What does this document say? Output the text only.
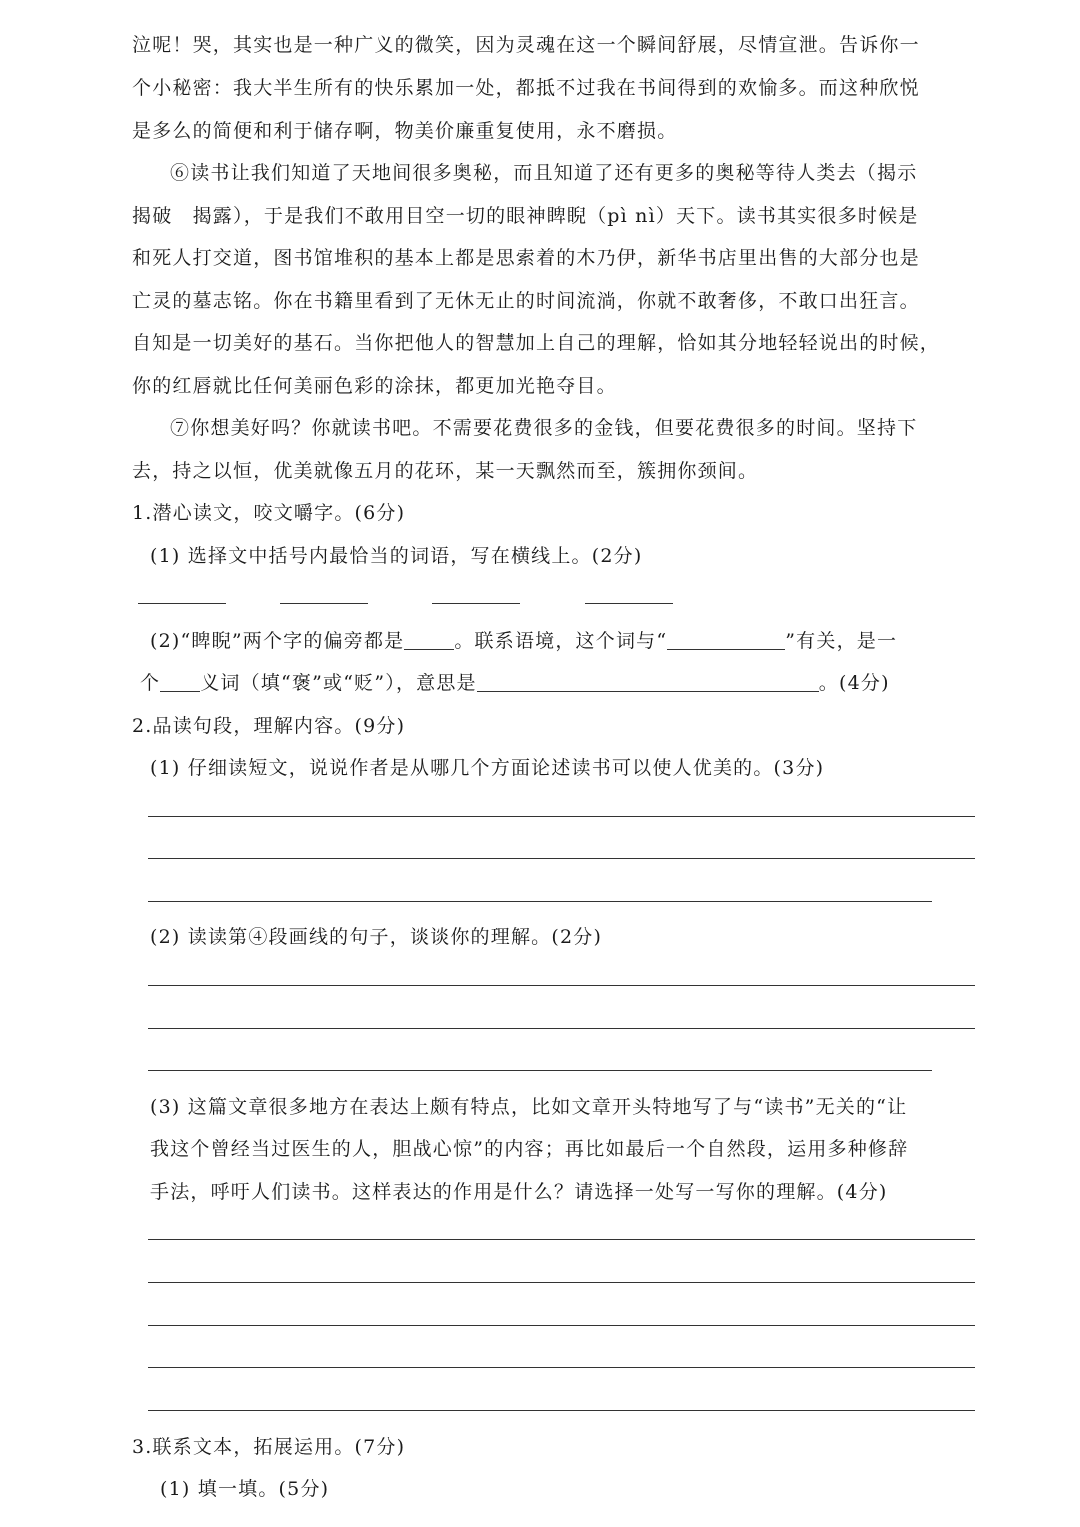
泣呢！哭，其实也是一种广义的微笑，因为灵魂在这一个瞬间舒展，尽情宣泄。告诉你一
个小秘密：我大半生所有的快乐累加一处，都抵不过我在书间得到的欢愉多。而这种欣悦
是多么的简便和利于储存啊，物美价廉重复使用，永不磨损。
⑥读书让我们知道了天地间很多奥秘，而且知道了还有更多的奥秘等待人类去（揭示
揭破　揭露），于是我们不敢用目空一切的眼神睥睨（pì nì）天下。读书其实很多时候是
和死人打交道，图书馆堆积的基本上都是思索着的木乃伊，新华书店里出售的大部分也是
亡灵的墓志铭。你在书籍里看到了无休无止的时间流淌，你就不敢奢侈，不敢口出狂言。
自知是一切美好的基石。当你把他人的智慧加上自己的理解，恰如其分地轻轻说出的时候，
你的红唇就比任何美丽色彩的涂抹，都更加光艳夺目。
⑦你想美好吗？你就读书吧。不需要花费很多的金钱，但要花费很多的时间。坚持下
去，持之以恒，优美就像五月的花环，某一天飘然而至，簇拥你颈间。
1.潜心读文，咬文嚼字。(6分)
(1) 选择文中括号内最恰当的词语，写在横线上。(2分)
(2)“睥睨”两个字的偏旁都是	。联系语境，这个词与“	”有关，是一
个 义词（填“褒”或“贬”），意思是	。(4分)
2.品读句段，理解内容。(9分)
(1) 仔细读短文，说说作者是从哪几个方面论述读书可以使人优美的。(3分)
(2) 读读第④段画线的句子，谈谈你的理解。(2分)
(3) 这篇文章很多地方在表达上颇有特点，比如文章开头特地写了与“读书”无关的“让
我这个曾经当过医生的人，胆战心惊”的内容；再比如最后一个自然段，运用多种修辞
手法，呼吁人们读书。这样表达的作用是什么？请选择一处写一写你的理解。(4分)
3.联系文本，拓展运用。(7分)
(1) 填一填。(5分)
